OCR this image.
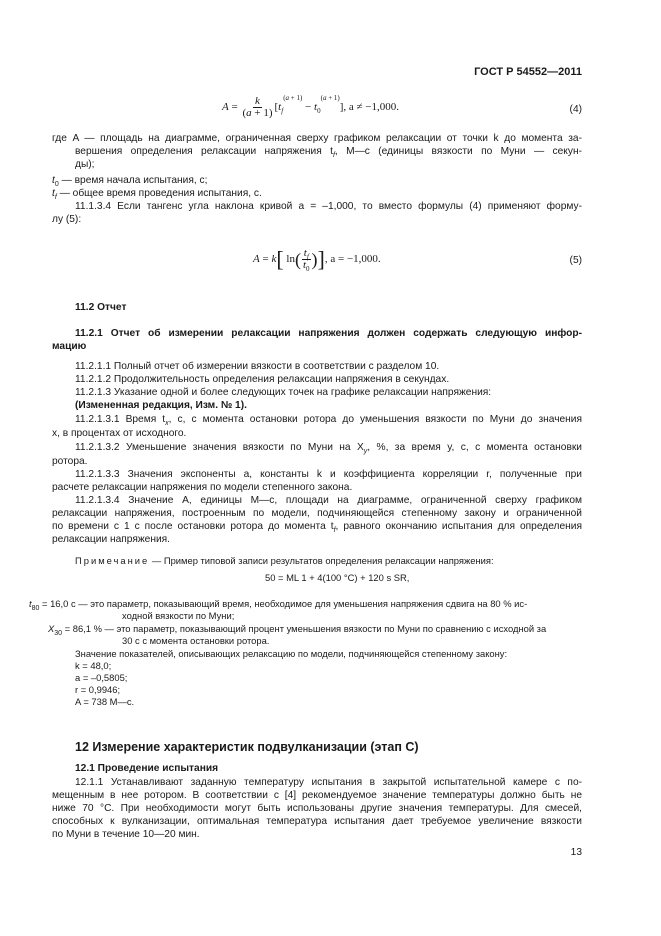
ГОСТ Р 54552—2011
$A = \frac{k}{(a + 1)} [t_f^{(a + 1)} - t_0^{(a + 1)}]$, a ≠ −1,000.	(4)
где A — площадь на диаграмме, ограниченная сверху графиком релаксации от точки k до момента за-
вершения определения релаксации напряжения $t_f$, М—с (единицы вязкости по Муни — секун-
ды);
$t_0$ — время начала испытания, с;
$t_f$ — общее время проведения испытания, с.
11.1.3.4 Если тангенс угла наклона кривой a = –1,000, то вместо формулы (4) применяют форму-
лу (5):
A = k[ $\ln( \frac{t_f}{t_0}$ )], a = −1,000.	(5)
11.2 Отчет
11.2.1 Отчет об измерении релаксации напряжения должен содержать следующую инфор-
мацию
11.2.1.1 Полный отчет об измерении вязкости в соответствии с разделом 10.
11.2.1.2 Продолжительность определения релаксации напряжения в секундах.
11.2.1.3 Указание одной и более следующих точек на графике релаксации напряжения:
(Измененная редакция, Изм. № 1).
11.2.1.3.1 Время $t_x$, c, с момента остановки ротора до уменьшения вязкости по Муни до значения
x, в процентах от исходного.
11.2.1.3.2 Уменьшение значения вязкости по Муни на $X_y$, %, за время y, с, с момента остановки
ротора.
11.2.1.3.3 Значения экспоненты a, константы k и коэффициента корреляции r, полученные при
расчете релаксации напряжения по модели степенного закона.
11.2.1.3.4 Значение A, единицы М—с, площади на диаграмме, ограниченной сверху графиком
релаксации напряжения, построенным по модели, подчиняющейся степенному закону и ограниченной
по времени с 1 с после остановки ротора до момента $t_f$, равного окончанию испытания для определения
релаксации напряжения.
Примечание — Пример типовой записи результатов определения релаксации напряжения:
50 = ML 1 + 4(100 °C) + 120 s SR,
$t_{80} = 16,0$ с — это параметр, показывающий время, необходимое для уменьшения напряжения сдвига на 80 % ис-
ходной вязкости по Муни;
$X_{30} = 86,1$ % — это параметр, показывающий процент уменьшения вязкости по Муни по сравнению с исходной за
30 с с момента остановки ротора.
Значение показателей, описывающих релаксацию по модели, подчиняющейся степенному закону:
k = 48,0;
a = –0,5805;
r = 0,9946;
A = 738 М—с.
12 Измерение характеристик подвулканизации (этап C)
12.1 Проведение испытания
12.1.1 Устанавливают заданную температуру испытания в закрытой испытательной камере с по-
мещенным в нее ротором. В соответствии с [4] рекомендуемое значение температуры должно быть не
ниже 70 °C. При необходимости могут быть использованы другие значения температуры. Для смесей,
способных к вулканизации, оптимальная температура испытания дает требуемое увеличение вязкости
по Муни в течение 10—20 мин.
13
